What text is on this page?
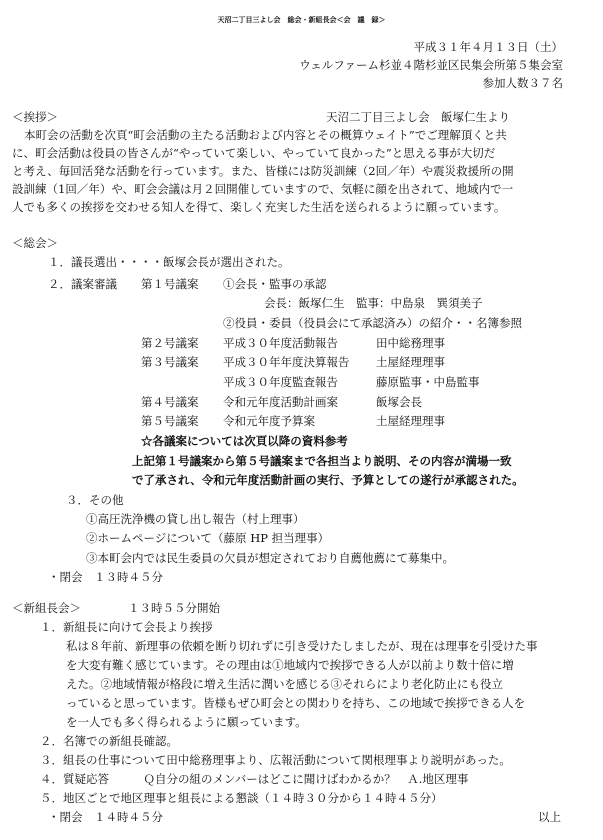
天沼二丁目三よし会　総会・新組長会＜会　議　録＞
平成３１年４月１３日（土）
ウェルファーム杉並４階杉並区民集会所第５集会室
参加人数３７名
＜挨拶＞	天沼二丁目三よし会　飯塚仁生より
本町会の活動を次頁“町会活動の主たる活動および内容とその概算ウェイト”でご理解頂くと共
に、町会活動は役員の皆さんが“やっていて楽しい、やっていて良かった”と思える事が大切だ
と考え、毎回活発な活動を行っています。また、皆様には防災訓練（2回／年）や震災救援所の開
設訓練（1回／年）や、町会会議は月２回開催していますので、気軽に顔を出されて、地域内で一
人でも多くの挨拶を交わせる知人を得て、楽しく充実した生活を送られるように願っています。
＜総会＞
１．議長選出・・・・飯塚会長が選出された。
２．議案審議 第１号議案 ①会長・監事の承認
会長：飯塚仁生　監事：中島泉　巽須美子
②役員・委員（役員会にて承認済み）の紹介・・名簿参照
第２号議案 平成３０年度活動報告	田中総務理事
第３号議案 平成３０年年度決算報告 土屋経理理事
平成３０年度監査報告	藤原監事・中島監事
第４号議案 令和元年度活動計画案	飯塚会長
第５号議案 令和元年度予算案	土屋経理理事
☆各議案については次頁以降の資料参考
上記第１号議案から第５号議案まで各担当より説明、その内容が満場一致
で了承され、令和元年度活動計画の実行、予算としての遂行が承認された。
３．その他
①高圧洗浄機の貸し出し報告（村上理事）
②ホームページについて（藤原 HP 担当理事）
③本町会内では民生委員の欠員が想定されており自薦他薦にて募集中。
・閉会　１３時４５分
＜新組長会＞	１３時５５分開始
１．新組長に向けて会長より挨拶
私は８年前、新理事の依頼を断り切れずに引き受けたしましたが、現在は理事を引受けた事
を大変有難く感じています。その理由は①地域内で挨拶できる人が以前より数十倍に増
えた。②地域情報が格段に増え生活に潤いを感じる③それらにより老化防止にも役立
っていると思っています。皆様もぜひ町会との関わりを持ち、この地域で挨拶できる人を
を一人でも多く得られるように願っています。
２．名簿での新組長確認。
３．組長の仕事について田中総務理事より、広報活動について関根理事より説明があった。
４．質疑応答　　　Ｑ自分の組のメンバーはどこに聞けばわかるか？　Ａ.地区理事
５．地区ごとで地区理事と組長による懇談（１４時３０分から１４時４５分）
・閉会　１４時４５分	以上
